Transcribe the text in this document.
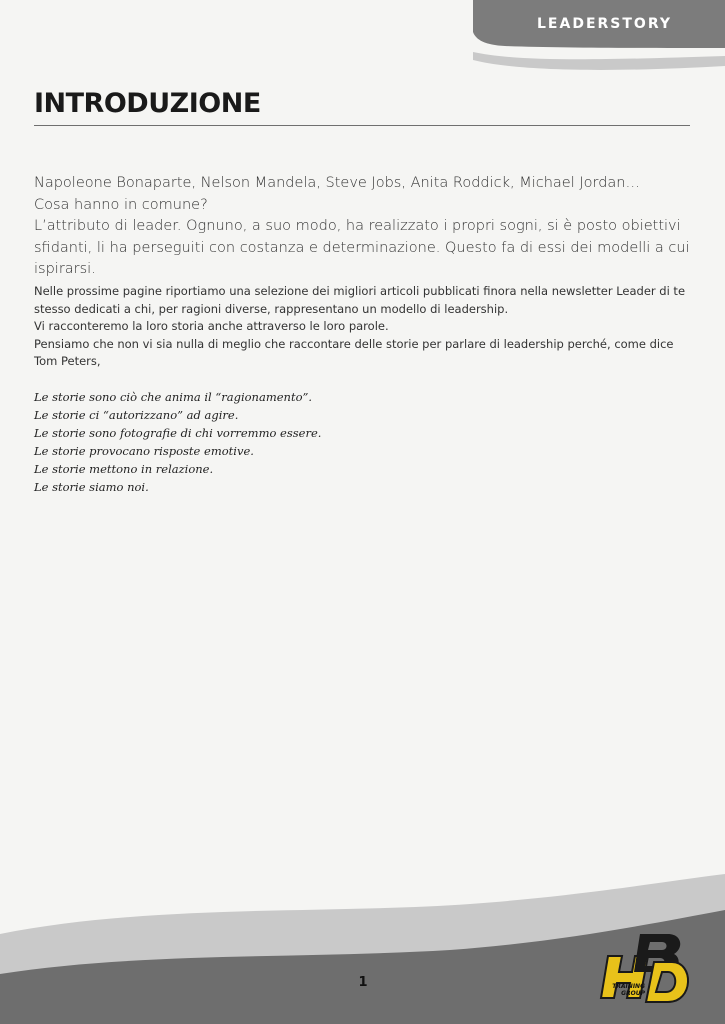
LEADERSTORY
INTRODUZIONE

Napoleone Bonaparte, Nelson Mandela, Steve Jobs, Anita Roddick, Michael Jordan…

Cosa hanno in comune?

L’attributo di leader. Ognuno, a suo modo, ha realizzato i propri sogni, si è posto obiettivi sfidanti, li ha perseguiti con costanza e determinazione. Questo fa di essi dei modelli a cui ispirarsi.

Nelle prossime pagine riportiamo una selezione dei migliori articoli pubblicati finora nella newsletter Leader di te stesso dedicati a chi, per ragioni diverse, rappresentano un modello di leadership.

Vi racconteremo la loro storia anche attraverso le loro parole.

Pensiamo che non vi sia nulla di meglio che raccontare delle storie per parlare di leadership perché, come dice Tom Peters,

Le storie sono ciò che anima il “ragionamento”.

Le storie ci “autorizzano” ad agire.

Le storie sono fotografie di chi vorremmo essere.

Le storie provocano risposte emotive.

Le storie mettono in relazione.

Le storie siamo noi.

1	TRAINING
GROUP
